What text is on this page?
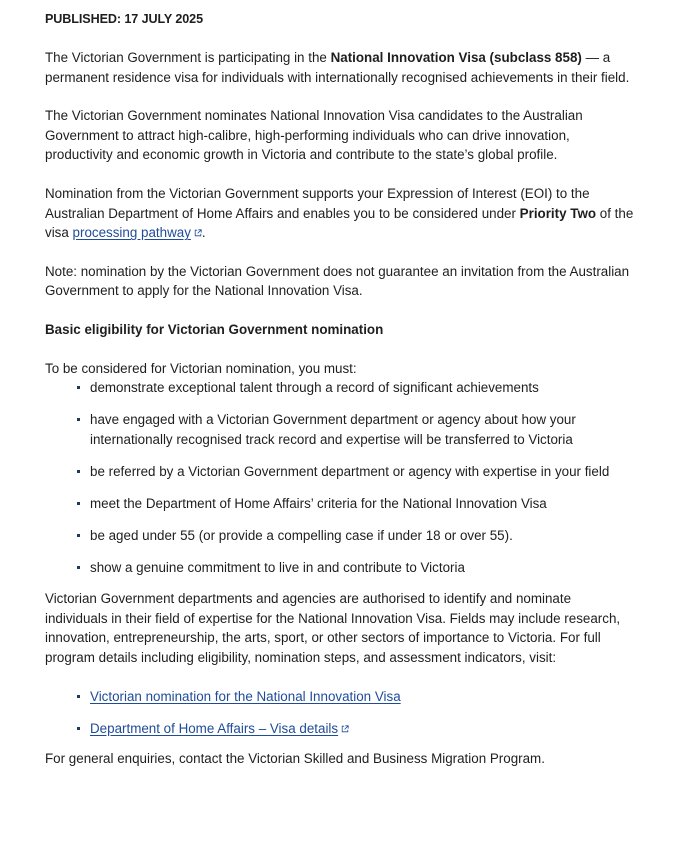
PUBLISHED: 17 JULY 2025

The Victorian Government is participating in the National Innovation Visa (subclass 858) — a permanent residence visa for individuals with internationally recognised achievements in their field.

The Victorian Government nominates National Innovation Visa candidates to the Australian Government to attract high-calibre, high-performing individuals who can drive innovation, productivity and economic growth in Victoria and contribute to the state’s global profile.

Nomination from the Victorian Government supports your Expression of Interest (EOI) to the Australian Department of Home Affairs and enables you to be considered under Priority Two of the visa processing pathway .

Note: nomination by the Victorian Government does not guarantee an invitation from the Australian Government to apply for the National Innovation Visa.

Basic eligibility for Victorian Government nomination

To be considered for Victorian nomination, you must:

demonstrate exceptional talent through a record of significant achievements
have engaged with a Victorian Government department or agency about how your internationally recognised track record and expertise will be transferred to Victoria
be referred by a Victorian Government department or agency with expertise in your field
meet the Department of Home Affairs’ criteria for the National Innovation Visa
be aged under 55 (or provide a compelling case if under 18 or over 55).
show a genuine commitment to live in and contribute to Victoria

Victorian Government departments and agencies are authorised to identify and nominate individuals in their field of expertise for the National Innovation Visa. Fields may include research, innovation, entrepreneurship, the arts, sport, or other sectors of importance to Victoria. For full program details including eligibility, nomination steps, and assessment indicators, visit:

Victorian nomination for the National Innovation Visa
Department of Home Affairs – Visa details

For general enquiries, contact the Victorian Skilled and Business Migration Program.
